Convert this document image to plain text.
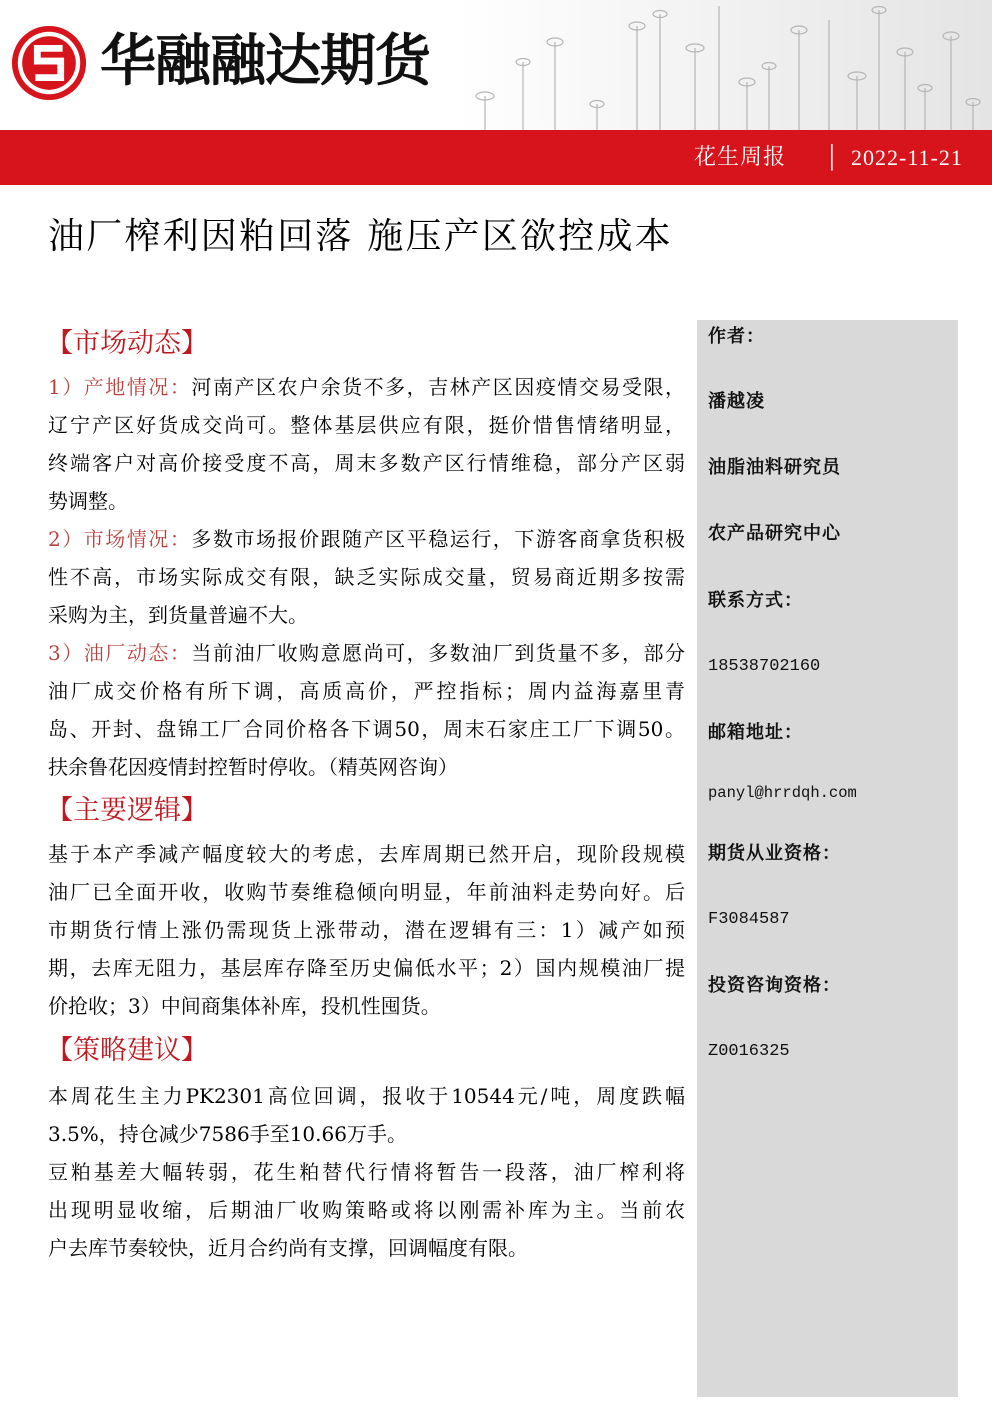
华融融达期货
花生周报 │ 2022-11-21
油厂榨利因粕回落 施压产区欲控成本
【市场动态】
1）产地情况：河南产区农户余货不多，吉林产区因疫情交易受限，
辽宁产区好货成交尚可。整体基层供应有限，挺价惜售情绪明显，
终端客户对高价接受度不高，周末多数产区行情维稳，部分产区弱
势调整。
2）市场情况：多数市场报价跟随产区平稳运行，下游客商拿货积极
性不高，市场实际成交有限，缺乏实际成交量，贸易商近期多按需
采购为主，到货量普遍不大。
3）油厂动态：当前油厂收购意愿尚可，多数油厂到货量不多，部分
油厂成交价格有所下调，高质高价，严控指标；周内益海嘉里青
岛、开封、盘锦工厂合同价格各下调50，周末石家庄工厂下调50。
扶余鲁花因疫情封控暂时停收。（精英网咨询）
【主要逻辑】
基于本产季减产幅度较大的考虑，去库周期已然开启，现阶段规模
油厂已全面开收，收购节奏维稳倾向明显，年前油料走势向好。后
市期货行情上涨仍需现货上涨带动，潜在逻辑有三：1）减产如预
期，去库无阻力，基层库存降至历史偏低水平；2）国内规模油厂提
价抢收；3）中间商集体补库，投机性囤货。
【策略建议】
本周花生主力PK2301高位回调，报收于10544元/吨，周度跌幅
3.5%，持仓减少7586手至10.66万手。
豆粕基差大幅转弱，花生粕替代行情将暂告一段落，油厂榨利将
出现明显收缩，后期油厂收购策略或将以刚需补库为主。当前农
户去库节奏较快，近月合约尚有支撑，回调幅度有限。
作者：
潘越凌
油脂油料研究员
农产品研究中心
联系方式：
18538702160
邮箱地址：
panyl@hrrdqh.com
期货从业资格：
F3084587
投资咨询资格：
Z0016325
